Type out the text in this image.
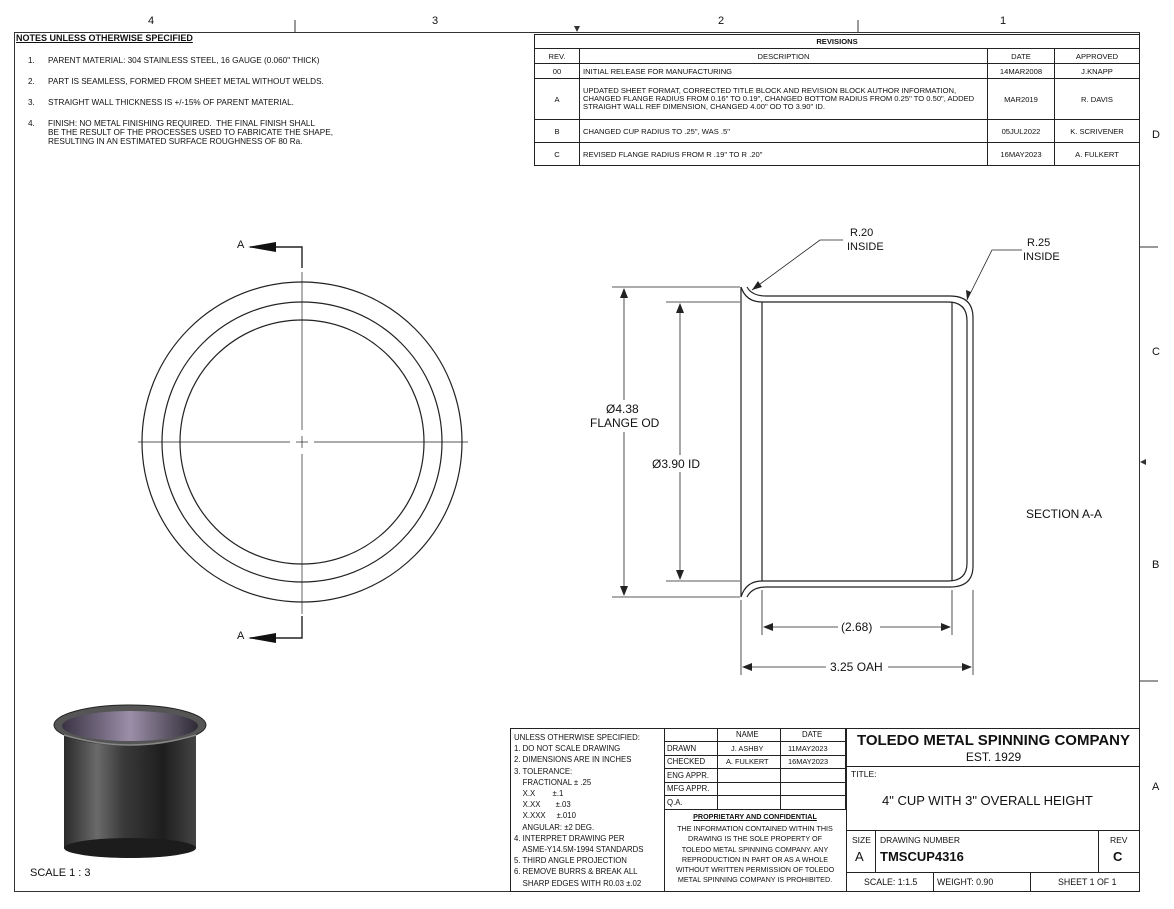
4	3	2	1
D
C
B
A
NOTES UNLESS OTHERWISE SPECIFIED
1. PARENT MATERIAL: 304 STAINLESS STEEL, 16 GAUGE (0.060" THICK)
2. PART IS SEAMLESS, FORMED FROM SHEET METAL WITHOUT WELDS.
3. STRAIGHT WALL THICKNESS IS +/-15% OF PARENT MATERIAL.
4. FINISH: NO METAL FINISHING REQUIRED.  THE FINAL FINISH SHALL
BE THE RESULT OF THE PROCESSES USED TO FABRICATE THE SHAPE,
RESULTING IN AN ESTIMATED SURFACE ROUGHNESS OF 80 Ra.
REVISIONS			
REV.	DESCRIPTION	DATE	APPROVED
00	INITIAL RELEASE FOR MANUFACTURING	14MAR2008	J.KNAPP
A	UPDATED SHEET FORMAT, CORRECTED TITLE BLOCK AND REVISION BLOCK AUTHOR INFORMATION, CHANGED FLANGE RADIUS FROM 0.16" TO 0.19", CHANGED BOTTOM RADIUS FROM 0.25" TO 0.50", ADDED STRAIGHT WALL REF DIMENSION, CHANGED 4.00" OD TO 3.90" ID.	MAR2019	R. DAVIS
B	CHANGED CUP RADIUS TO .25", WAS .5"	05JUL2022	K. SCRIVENER
C	REVISED FLANGE RADIUS FROM R .19" TO R .20"	16MAY2023	A. FULKERT
A
A
R.20
INSIDE	R.25
INSIDE
Ø4.38
FLANGE OD
Ø3.90 ID
(2.68)
3.25 OAH
SECTION A-A
SCALE 1 : 3
UNLESS OTHERWISE SPECIFIED:
1. DO NOT SCALE DRAWING
2. DIMENSIONS ARE IN INCHES
3. TOLERANCE:
FRACTIONAL ± .25
X.X        ±.1
X.XX       ±.03
X.XXX     ±.010
ANGULAR: ±2 DEG.
4. INTERPRET DRAWING PER
ASME-Y14.5M-1994 STANDARDS
5. THIRD ANGLE PROJECTION
6. REMOVE BURRS & BREAK ALL
SHARP EDGES WITH R0.03 ±.02
NAME	DATE
DRAWN	J. ASHBY	11MAY2023
CHECKED	A. FULKERT	16MAY2023
ENG APPR.
MFG APPR.
Q.A.
PROPRIETARY AND CONFIDENTIAL
THE INFORMATION CONTAINED WITHIN THIS
DRAWING IS THE SOLE PROPERTY OF
TOLEDO METAL SPINNING COMPANY. ANY
REPRODUCTION IN PART OR AS A WHOLE
WITHOUT WRITTEN PERMISSION OF TOLEDO
METAL SPINNING COMPANY IS PROHIBITED.
TOLEDO METAL SPINNING COMPANY
EST. 1929
TITLE:
4" CUP WITH 3" OVERALL HEIGHT
SIZE
A
DRAWING NUMBER
TMSCUP4316
REV
C
SCALE: 1:1.5 WEIGHT: 0.90	SHEET 1 OF 1
